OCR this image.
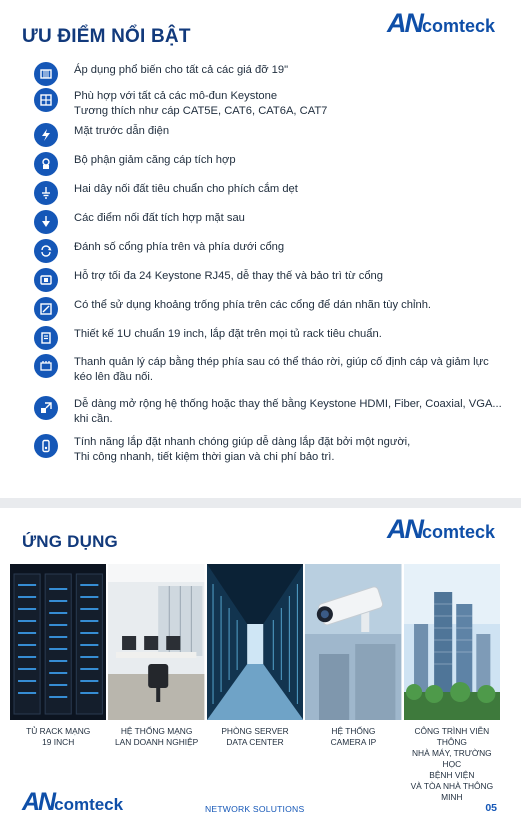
ƯU ĐIỂM NỔI BẬT	AN comteck
Áp dụng phổ biến cho tất cả các giá đỡ 19"
Phù hợp với tất cả các mô-đun Keystone
Tương thích như cáp CAT5E, CAT6, CAT6A, CAT7
Mặt trước dẫn điện
Bộ phận giảm căng cáp tích hợp
Hai dây nối đất tiêu chuẩn cho phích cắm dẹt
Các điểm nối đất tích hợp mặt sau
Đánh số cổng phía trên và phía dưới cổng
Hỗ trợ tối đa 24 Keystone RJ45, dễ thay thế và bảo trì từ cổng
Có thể sử dụng khoảng trống phía trên các cổng để dán nhãn tùy chỉnh.
Thiết kế 1U chuẩn 19 inch, lắp đặt trên mọi tủ rack tiêu chuẩn.
Thanh quản lý cáp bằng thép phía sau có thể tháo rời, giúp cố định cáp và giảm lực
kéo lên đầu nối.
Dễ dàng mở rộng hệ thống hoặc thay thế bằng Keystone HDMI, Fiber, Coaxial, VGA...
khi cần.
Tính năng lắp đặt nhanh chóng giúp dễ dàng lắp đặt bởi một người,
Thi công nhanh, tiết kiệm thời gian và chi phí bảo trì.
ỨNG DỤNG	AN comteck
TỦ RACK MẠNG
19 INCH
HỆ THỐNG MẠNG
LAN DOANH NGHIỆP
PHÒNG SERVER
DATA CENTER
HỆ THỐNG
CAMERA IP
CÔNG TRÌNH VIỄN THÔNG
NHÀ MÁY, TRƯỜNG HỌC
BỆNH VIỆN
VÀ TÒA NHÀ THÔNG MINH
AN comteck	NETWORK SOLUTIONS	05
